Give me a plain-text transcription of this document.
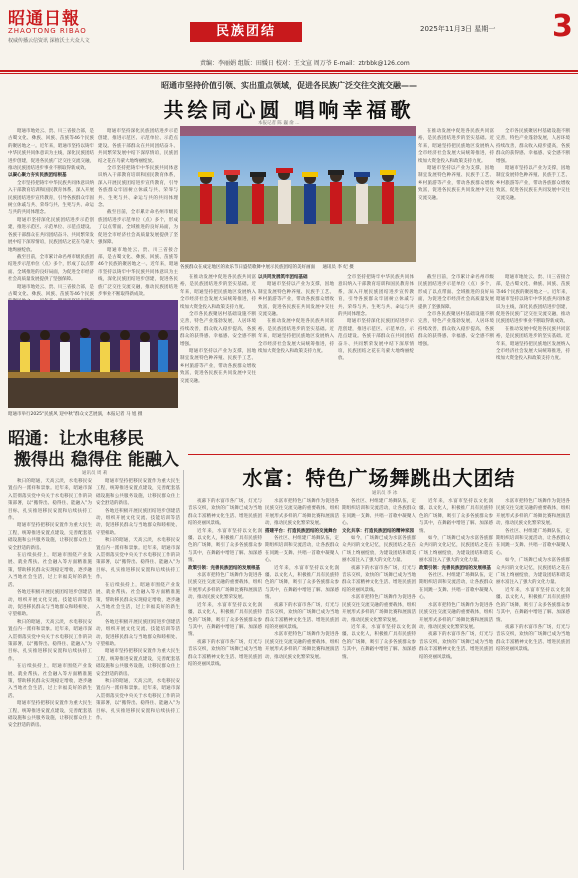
昭通日報
ZHAOTONG RIBAO
权威传播云信资讯 深植沃土大众人文
民族团结	2025年11月3日 星期一 3
责编：李丽娟 组版：田媛日 校对：王文宣 周万爷 E-mail：ztrbbk@126.com
昭通市坚持价值引领、实出重点领域，促进各民族广泛交往交流交融——
共绘同心圆 唱响幸福歌
本报记者 陈 巍 俞 ...

昭通市地处云、贵、川三省接合部，是古蜀文化、彝族、回族、苗族等46个民族的聚居地之一。近年来，昭通市坚持以铸牢中华民族共同体意识为主线，深化民族团结进步创建，促进各民族广泛交往交流交融，推动民族团结进步事业不断取得新成效。

以凝心聚力夯实民族团结根基

全市坚持把铸牢中华民族共同体意识纳入干部教育培训和国民教育体系，深入开展民族团结进步宣传教育，引导各族群众牢固树立休戚与共、荣辱与共、生死与共、命运与共的共同体理念。

昭通市坚持深化民族团结进步示范创建，推进示范区、示范单位、示范点建设。各族干部群众在共同团结奋斗、共同繁荣发展中结下深厚情谊，民族团结之花在乌蒙大地绚丽绽放。

截至目前，全市累计命名州市级民族团结进步示范单位（点）多个，形成了以点带面、全域推进的良好局面，为促进全市经济社会高质量发展提供了坚强保障。

昭通市地处云、贵、川三省接合部，是古蜀文化、彝族、回族、苗族等46个民族

昭通市坚持深化民族团结进步示范创建，推进示范区、示范单位、示范点建设。各族干部群众在共同团结奋斗、共同繁荣发展中结下深厚情谊，民族团结之花在乌蒙大地绚丽绽放。

全市坚持把铸牢中华民族共同体意识纳入干部教育培训和国民教育体系，深入开展民族团结进步宣传教育，引导各族群众牢固树立休戚与共、荣辱与共、生死与共、命运与共的共同体理念。

截至目前，全市累计命名州市级民族团结进步示范单位（点）多个，形成了以点带面、全域推进的良好局面，为促进全市经济社会高质量发展提供了坚强保障。

昭通市地处云、贵、川三省接合部，是古蜀文化、彝族、回族、苗族等46个民族的聚居地之一。近年来，昭通市坚持以铸牢中华民族共同体意识为主线，深化民族团结进步创建，促进各民族广泛交往交流交融，推动民族团结进步事业不断取得新成效。

在推动发展中促进各民族共同富裕，是民族团结进步的坚实基础。近年来，昭通坚持把民族地区发展纳入全市经济社会发展大局统筹推进，持续加大资金投入和政策支持力度。

昭通市坚持以产业为支撑，因地制宜发展特色种养殖、民族手工艺、乡村旅游等产业，带动各族群众增收致富，促进各民族在共同发展中交往交流交融。

全市各民族聚居村基础设施不断完善，特色产业蓬勃发展，人居环境持续改善，群众收入稳步提高，各族群众的获得感、幸福感、安全感不断增强。

昭通市坚持以产业为支撑，因地制宜发展特色种养殖、民族手工艺、乡村旅游等产业，带动各族群众增收致富，促进各民族在共同发展中交往交流交融。

各族群众在成定地区的欢乐节日盛装歌舞中展示民族团结的美好画面 通讯员 李 纪 摄

在推动发展中促进各民族共同富裕，是民族团结进步的坚实基础。近年来，昭通坚持把民族地区发展纳入全市经济社会发展大局统筹推进，持续加大资金投入和政策支持力度。

全市各民族聚居村基础设施不断完善，特色产业蓬勃发展，人居环境持续改善，群众收入稳步提高，各族群众的获得感、幸福感、安全感不断增强。

昭通市坚持以产业为支撑，因地制宜发展特色种养殖、民族手工艺、乡村旅游等产业，带动各族群众增收致富，促进各民族在共同发展中交往交流交融。

以共同发展筑牢团结基础

昭通市坚持以产业为支撑，因地制宜发展特色种养殖、民族手工艺、乡村旅游等产业，带动各族群众增收致富，促进各民族在共同发展中交往交流交融。

在推动发展中促进各民族共同富裕，是民族团结进步的坚实基础。近年来，昭通坚持把民族地区发展纳入全市经济社会发展大局统筹推进，持续加大资金投入和政策支持力度。

全市坚持把铸牢中华民族共同体意识纳入干部教育培训和国民教育体系，深入开展民族团结进步宣传教育，引导各族群众牢固树立休戚与共、荣辱与共、生死与共、命运与共的共同体理念。

昭通市坚持深化民族团结进步示范创建，推进示范区、示范单位、示范点建设。各族干部群众在共同团结奋斗、共同繁荣发展中结下深厚情谊，民族团结之花在乌蒙大地绚丽绽放。

截至目前，全市累计命名州市级民族团结进步示范单位（点）多个，形成了以点带面、全域推进的良好局面，为促进全市经济社会高质量发展提供了坚强保障。

全市各民族聚居村基础设施不断完善，特色产业蓬勃发展，人居环境持续改善，群众收入稳步提高，各族群众的获得感、幸福感、安全感不断增强。

昭通市地处云、贵、川三省接合部，是古蜀文化、彝族、回族、苗族等46个民族的聚居地之一。近年来，昭通市坚持以铸牢中华民族共同体意识为主线，深化民族团结进步创建，促进各民族广泛交往交流交融，推动民族团结进步事业不断取得新成效。

在推动发展中促进各民族共同富裕，是民族团结进步的坚实基础。近年来，昭通坚持把民族地区发展纳入全市经济社会发展大局统筹推进，持续加大资金投入和政策支持力度。

昭通市举行2025“民族风 迎中秋”群众文艺展演，本报记者 马 旭 摄
昭通：让水电移民
搬得出 稳得住 能融入
通讯员 周 莉

秋日的昭通，天高云淡，水电移民安置点内一派祥和景象。近年来，昭通市深入贯彻落实党中央关于水电移民工作的决策部署，以“搬得出、稳得住、能融入”为目标，扎实推进移民安置和后续扶持工作。

昭通市坚持把移民安置作为重大民生工程，统筹推进安置点建设，完善配套基础设施和公共服务设施，让移民群众住上安全舒适的新房。

在后续扶持上，昭通市围绕产业发展、就业帮扶、社会融入等方面精准施策，帮助移民群众实现稳定增收，逐步融入当地社会生活，过上幸福美好的新生活。

各地还积极开展民族团结进步创建活动，组织开展文化交流、技能培训等活动，促进移民群众与当地群众和睦相处、守望相助。

秋日的昭通，天高云淡，水电移民安置点内一派祥和景象。近年来，昭通市深入贯彻落实党中央关于水电移民工作的决策部署，以“搬得出、稳得住、能融入”为目标，扎实推进移民安置和后续扶持工作。

在后续扶持上，昭通市围绕产业发展、就业帮扶、社会融入等方面精准施策，帮助移民群众实现稳定增收，逐步融入当地社会生活，过上幸福美好的新生活。

昭通市坚持把移民安置作为重大民生工程，统筹推进安置点建设，完善配套基础设施和公共服务设施，让移民群众住上安全舒适的新房。

昭通市坚持把移民安置作为重大民生工程，统筹推进安置点建设，完善配套基础设施和公共服务设施，让移民群众住上安全舒适的新房。

各地还积极开展民族团结进步创建活动，组织开展文化交流、技能培训等活动，促进移民群众与当地群众和睦相处、守望相助。

秋日的昭通，天高云淡，水电移民安置点内一派祥和景象。近年来，昭通市深入贯彻落实党中央关于水电移民工作的决策部署，以“搬得出、稳得住、能融入”为目标，扎实推进移民安置和后续扶持工作。

在后续扶持上，昭通市围绕产业发展、就业帮扶、社会融入等方面精准施策，帮助移民群众实现稳定增收，逐步融入当地社会生活，过上幸福美好的新生活。

各地还积极开展民族团结进步创建活动，组织开展文化交流、技能培训等活动，促进移民群众与当地群众和睦相处、守望相助。

昭通市坚持把移民安置作为重大民生工程，统筹推进安置点建设，完善配套基础设施和公共服务设施，让移民群众住上安全舒适的新房。

秋日的昭通，天高云淡，水电移民安置点内一派祥和景象。近年来，昭通市深入贯彻落实党中央关于水电移民工作的决策部署，以“搬得出、稳得住、能融入”为目标，扎实推进移民安置和后续扶持工作。

水富：特色广场舞跳出大团结
通讯员 李 冰

夜幕下的水富市各广场，灯光与音乐交织，欢快的广场舞已成为当地群众丰富精神文化生活、增进民族团结的亮丽风景线。

近年来，水富市坚持以文化润疆、以文化人，积极推广具有民族特色的广场舞，吸引了众多各族群众参与其中，在舞蹈中增进了解、加深感情。

政策引领：完善民族团结的发展根基

水富市把特色广场舞作为促进各民族交往交流交融的重要载体，组织开展形式多样的广场舞比赛和展演活动，推动民族文化繁荣发展。

近年来，水富市坚持以文化润疆、以文化人，积极推广具有民族特色的广场舞，吸引了众多各族群众参与其中，在舞蹈中增进了解、加深感情。

夜幕下的水富市各广场，灯光与音乐交织，欢快的广场舞已成为当地群众丰富精神文化生活、增进民族团结的亮丽风景线。

水富市把特色广场舞作为促进各民族交往交流交融的重要载体，组织开展形式多样的广场舞比赛和展演活动，推动民族文化繁荣发展。

搭建平台：打造民族团结的交流舞台

各社区、村组建广场舞队伍，定期组织培训和交流活动，让各族群众在同跳一支舞、共唱一首歌中凝聚人心。

近年来，水富市坚持以文化润疆、以文化人，积极推广具有民族特色的广场舞，吸引了众多各族群众参与其中，在舞蹈中增进了解、加深感情。

夜幕下的水富市各广场，灯光与音乐交织，欢快的广场舞已成为当地群众丰富精神文化生活、增进民族团结的亮丽风景线。

水富市把特色广场舞作为促进各民族交往交流交融的重要载体，组织开展形式多样的广场舞比赛和展演活动，推动民族文化繁荣发展。

各社区、村组建广场舞队伍，定期组织培训和交流活动，让各族群众在同跳一支舞、共唱一首歌中凝聚人心。

文化共享：打造民族团结的精神家园

如今，广场舞已成为水富各族群众共同的文化记忆，民族团结之花在广场上绚丽绽放，为建设团结和谐美丽水富注入了强大的文化力量。

夜幕下的水富市各广场，灯光与音乐交织，欢快的广场舞已成为当地群众丰富精神文化生活、增进民族团结的亮丽风景线。

水富市把特色广场舞作为促进各民族交往交流交融的重要载体，组织开展形式多样的广场舞比赛和展演活动，推动民族文化繁荣发展。

近年来，水富市坚持以文化润疆、以文化人，积极推广具有民族特色的广场舞，吸引了众多各族群众参与其中，在舞蹈中增进了解、加深感情。

近年来，水富市坚持以文化润疆、以文化人，积极推广具有民族特色的广场舞，吸引了众多各族群众参与其中，在舞蹈中增进了解、加深感情。

如今，广场舞已成为水富各族群众共同的文化记忆，民族团结之花在广场上绚丽绽放，为建设团结和谐美丽水富注入了强大的文化力量。

政策引领：完善民族团结的发展根基

各社区、村组建广场舞队伍，定期组织培训和交流活动，让各族群众在同跳一支舞、共唱一首歌中凝聚人心。

水富市把特色广场舞作为促进各民族交往交流交融的重要载体，组织开展形式多样的广场舞比赛和展演活动，推动民族文化繁荣发展。

夜幕下的水富市各广场，灯光与音乐交织，欢快的广场舞已成为当地群众丰富精神文化生活、增进民族团结的亮丽风景线。

水富市把特色广场舞作为促进各民族交往交流交融的重要载体，组织开展形式多样的广场舞比赛和展演活动，推动民族文化繁荣发展。

各社区、村组建广场舞队伍，定期组织培训和交流活动，让各族群众在同跳一支舞、共唱一首歌中凝聚人心。

如今，广场舞已成为水富各族群众共同的文化记忆，民族团结之花在广场上绚丽绽放，为建设团结和谐美丽水富注入了强大的文化力量。

近年来，水富市坚持以文化润疆、以文化人，积极推广具有民族特色的广场舞，吸引了众多各族群众参与其中，在舞蹈中增进了解、加深感情。

夜幕下的水富市各广场，灯光与音乐交织，欢快的广场舞已成为当地群众丰富精神文化生活、增进民族团结的亮丽风景线。
